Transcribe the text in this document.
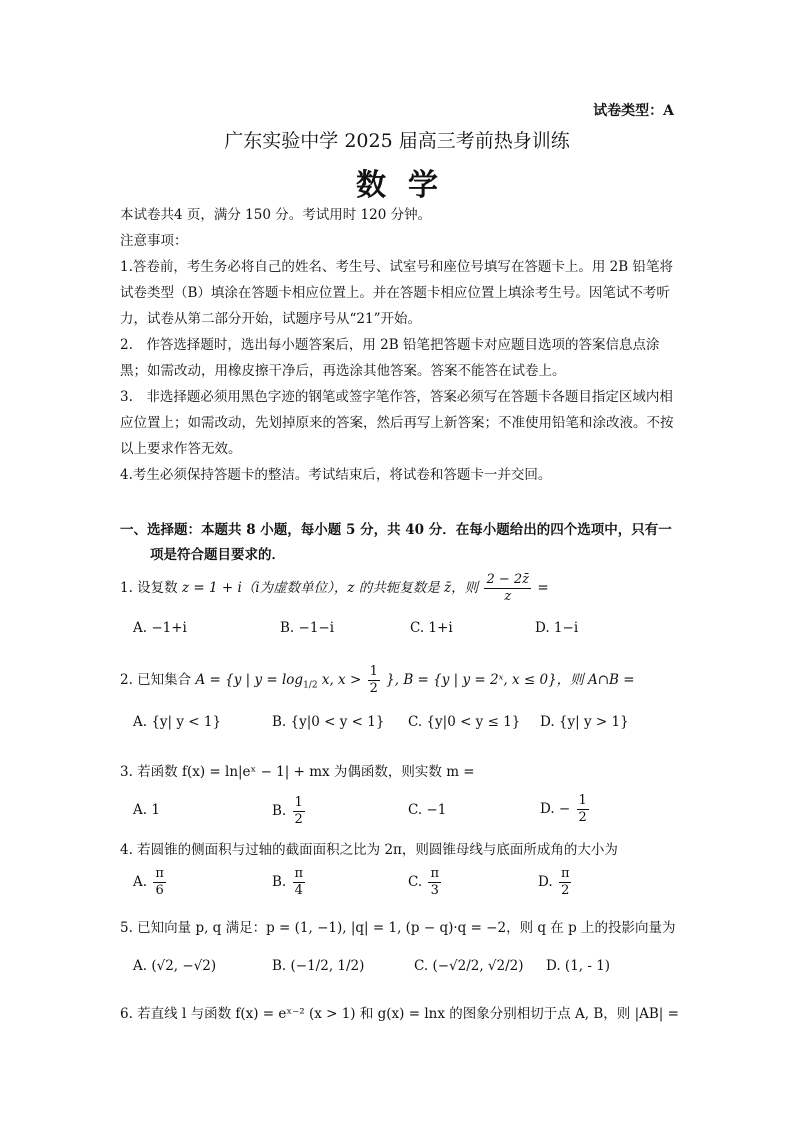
试卷类型：A
广东实验中学 2025 届高三考前热身训练
数学

本试卷共4 页，满分 150 分。考试用时 120 分钟。

注意事项：

1.答卷前，考生务必将自己的姓名、考生号、试室号和座位号填写在答题卡上。用 2B 铅笔将试卷类型（B）填涂在答题卡相应位置上。并在答题卡相应位置上填涂考生号。因笔试不考听力，试卷从第二部分开始，试题序号从“21”开始。

2.　作答选择题时，选出每小题答案后，用 2B 铅笔把答题卡对应题目选项的答案信息点涂黑；如需改动，用橡皮擦干净后，再选涂其他答案。答案不能答在试卷上。

3.　非选择题必须用黑色字迹的钢笔或签字笔作答，答案必须写在答题卡各题目指定区域内相应位置上；如需改动，先划掉原来的答案，然后再写上新答案；不准使用铅笔和涂改液。不按以上要求作答无效。

4.考生必须保持答题卡的整洁。考试结束后，将试卷和答题卡一并交回。

一、选择题：本题共 8 小题，每小题 5 分，共 40 分．在每小题给出的四个选项中，只有一
项是符合题目要求的．
1. 设复数 z = 1 + i（i为虚数单位），z 的共轭复数是 z̄，则 $\frac{2 - 2z̄}{z}$ =
A. −1+i	B. −1−i	C. 1+i	D. 1−i
2. 已知集合 A = {y | $y = \log_{1/2} x$, $x > \frac{1}{2}$ }, B = {y | y = 2ˣ, x ≤ 0}，则 A∩B =
A. {y| y < 1}	B. {y|0 < y < 1} C. {y|0 < y ≤ 1} D. {y| y > 1}
3. 若函数 f(x) = ln|eˣ − 1| + mx 为偶函数，则实数 m =
A. 1	B. $\frac{1}{2}$	C. −1	D. − $\frac{1}{2}$
4. 若圆锥的侧面积与过轴的截面面积之比为 2π，则圆锥母线与底面所成角的大小为
A. $\frac{\pi}{6}$	B. $\frac{\pi}{4}$	C. $\frac{\pi}{3}$	D. $\frac{\pi}{2}$
5. 已知向量 p, q 满足：p = (1, −1), |q| = 1, (p − q)·q = −2，则 q 在 p 上的投影向量为
A. (√2, −√2)	B. (−1/2, 1/2)	C. (−√2/2, √2/2) D. (1, - 1)
6. 若直线 l 与函数 f(x) = eˣ⁻² (x > 1) 和 g(x) = lnx 的图象分别相切于点 A, B，则 |AB| =
